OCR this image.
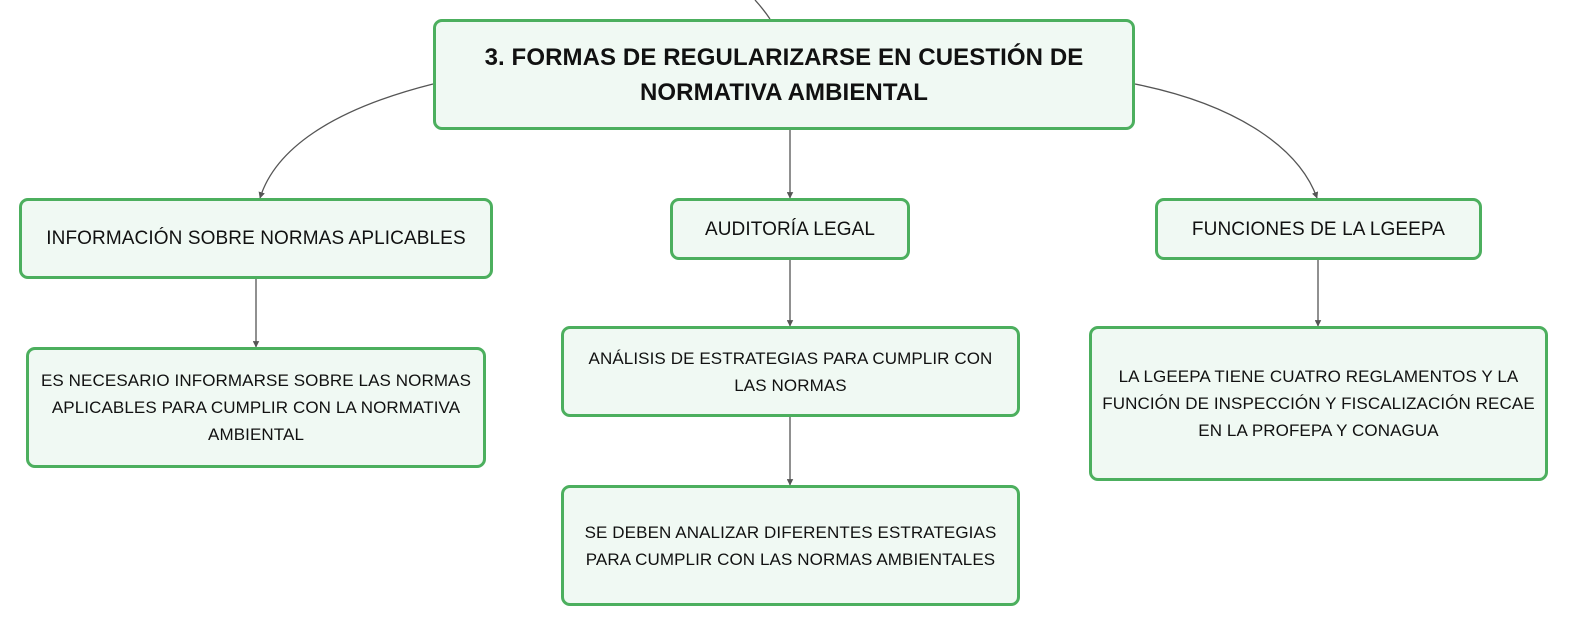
3. FORMAS DE REGULARIZARSE EN CUESTIÓN DE NORMATIVA AMBIENTAL
INFORMACIÓN SOBRE NORMAS APLICABLES	AUDITORÍA LEGAL	FUNCIONES DE LA LGEEPA
ES NECESARIO INFORMARSE SOBRE LAS NORMAS APLICABLES PARA CUMPLIR CON LA NORMATIVA AMBIENTAL
ANÁLISIS DE ESTRATEGIAS PARA CUMPLIR CON LAS NORMAS
SE DEBEN ANALIZAR DIFERENTES ESTRATEGIAS PARA CUMPLIR CON LAS NORMAS AMBIENTALES
LA LGEEPA TIENE CUATRO REGLAMENTOS Y LA FUNCIÓN DE INSPECCIÓN Y FISCALIZACIÓN RECAE EN LA PROFEPA Y CONAGUA
